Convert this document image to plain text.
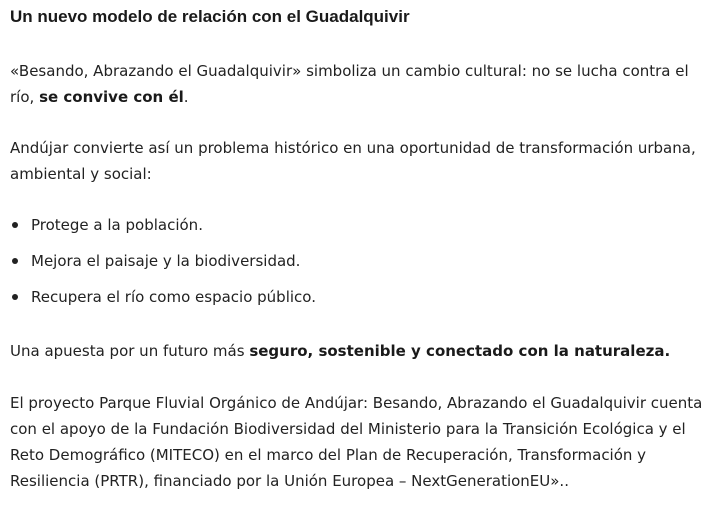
Un nuevo modelo de relación con el Guadalquivir

«Besando, Abrazando el Guadalquivir» simboliza un cambio cultural: no se lucha contra el río, se convive con él.

Andújar convierte así un problema histórico en una oportunidad de transformación urbana, ambiental y social:

Protege a la población.
Mejora el paisaje y la biodiversidad.
Recupera el río como espacio público.

Una apuesta por un futuro más seguro, sostenible y conectado con la naturaleza.

El proyecto Parque Fluvial Orgánico de Andújar: Besando, Abrazando el Guadalquivir cuenta con el apoyo de la Fundación Biodiversidad del Ministerio para la Transición Ecológica y el Reto Demográfico (MITECO) en el marco del Plan de Recuperación, Transformación y Resiliencia (PRTR), financiado por la Unión Europea – NextGenerationEU»..
